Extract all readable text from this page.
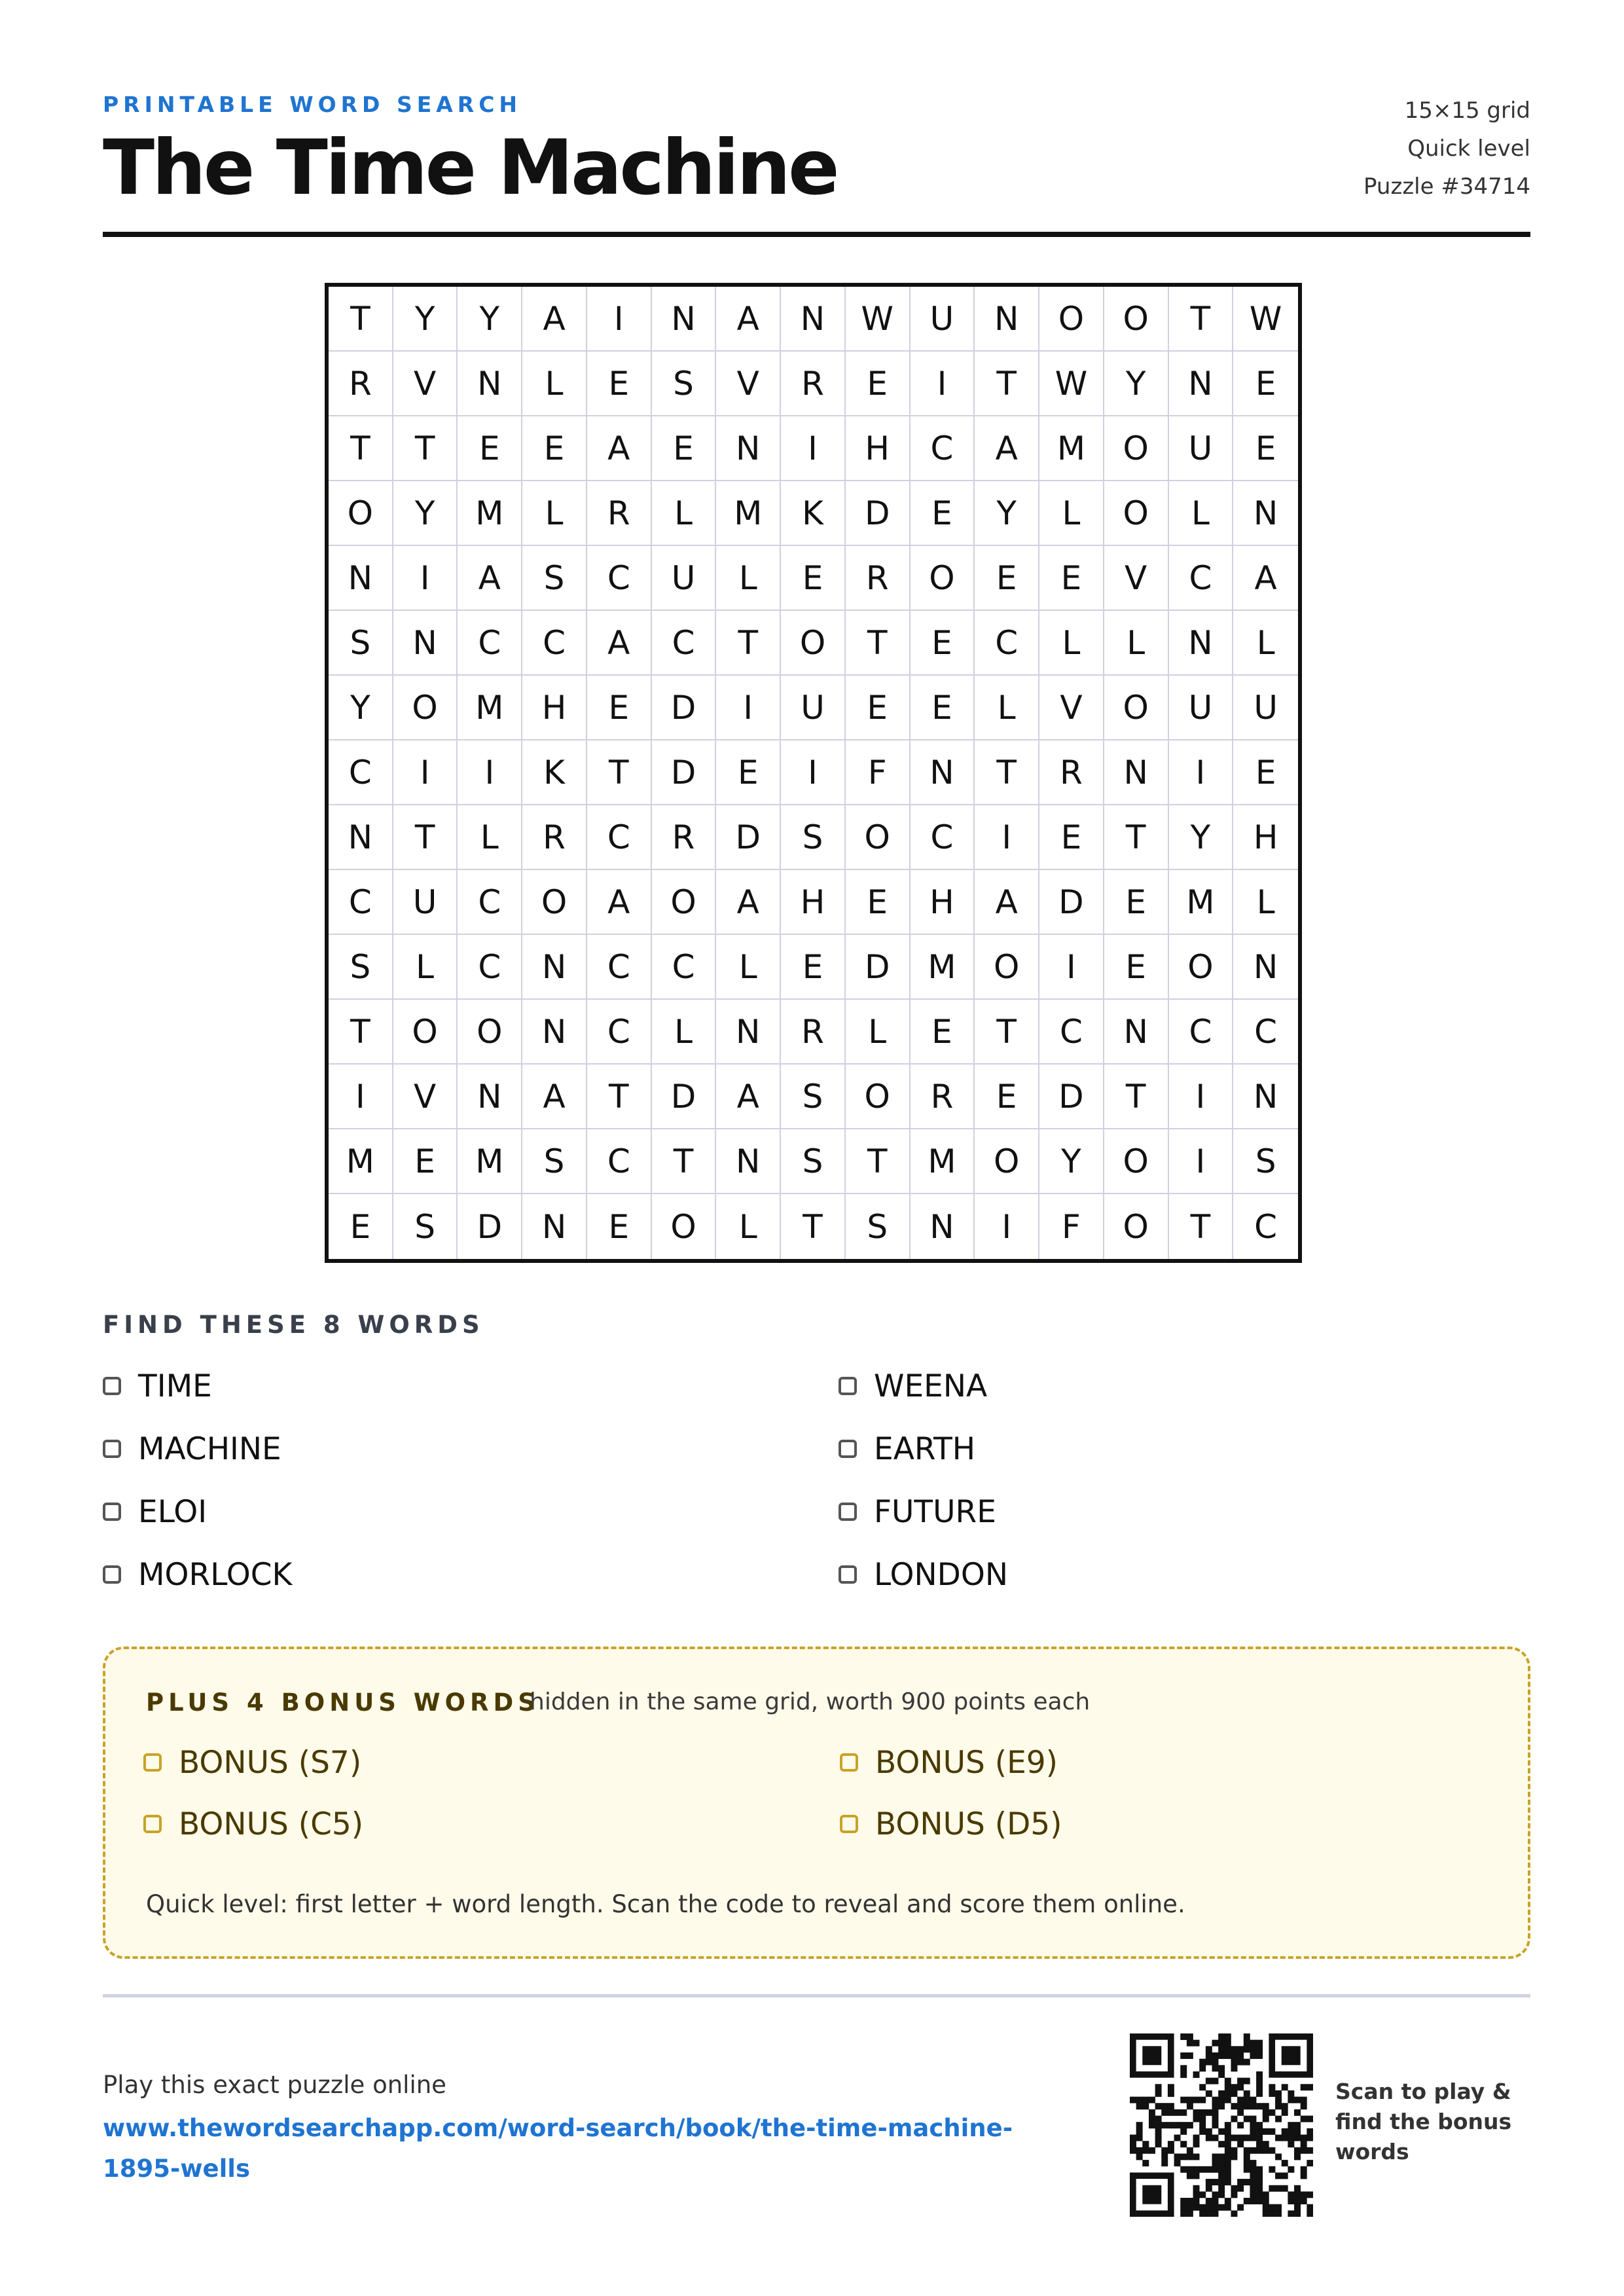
PRINTABLE WORD SEARCH
The Time Machine
15×15 grid
Quick level
Puzzle #34714
T	Y	Y	A	I	N	A	N	W	U	N	O	O	T	W
R	V	N	L	E	S	V	R	E	I	T	W	Y	N	E
T	T	E	E	A	E	N	I	H	C	A	M	O	U	E
O	Y	M	L	R	L	M	K	D	E	Y	L	O	L	N
N	I	A	S	C	U	L	E	R	O	E	E	V	C	A
S	N	C	C	A	C	T	O	T	E	C	L	L	N	L
Y	O	M	H	E	D	I	U	E	E	L	V	O	U	U
C	I	I	K	T	D	E	I	F	N	T	R	N	I	E
N	T	L	R	C	R	D	S	O	C	I	E	T	Y	H
C	U	C	O	A	O	A	H	E	H	A	D	E	M	L
S	L	C	N	C	C	L	E	D	M	O	I	E	O	N
T	O	O	N	C	L	N	R	L	E	T	C	N	C	C
I	V	N	A	T	D	A	S	O	R	E	D	T	I	N
M	E	M	S	C	T	N	S	T	M	O	Y	O	I	S
E	S	D	N	E	O	L	T	S	N	I	F	O	T	C
FIND THESE 8 WORDS
TIME
MACHINE
ELOI
MORLOCK
WEENA
EARTH
FUTURE
LONDON
PLUS 4 BONUS WORDS
hidden in the same grid, worth 900 points each
BONUS (S7)
BONUS (C5)
BONUS (E9)
BONUS (D5)
Quick level: first letter + word length. Scan the code to reveal and score them online.
Play this exact puzzle online
www.thewordsearchapp.com/word-search/book/the-time-machine-1895-wells
Scan to play & find the bonus words
